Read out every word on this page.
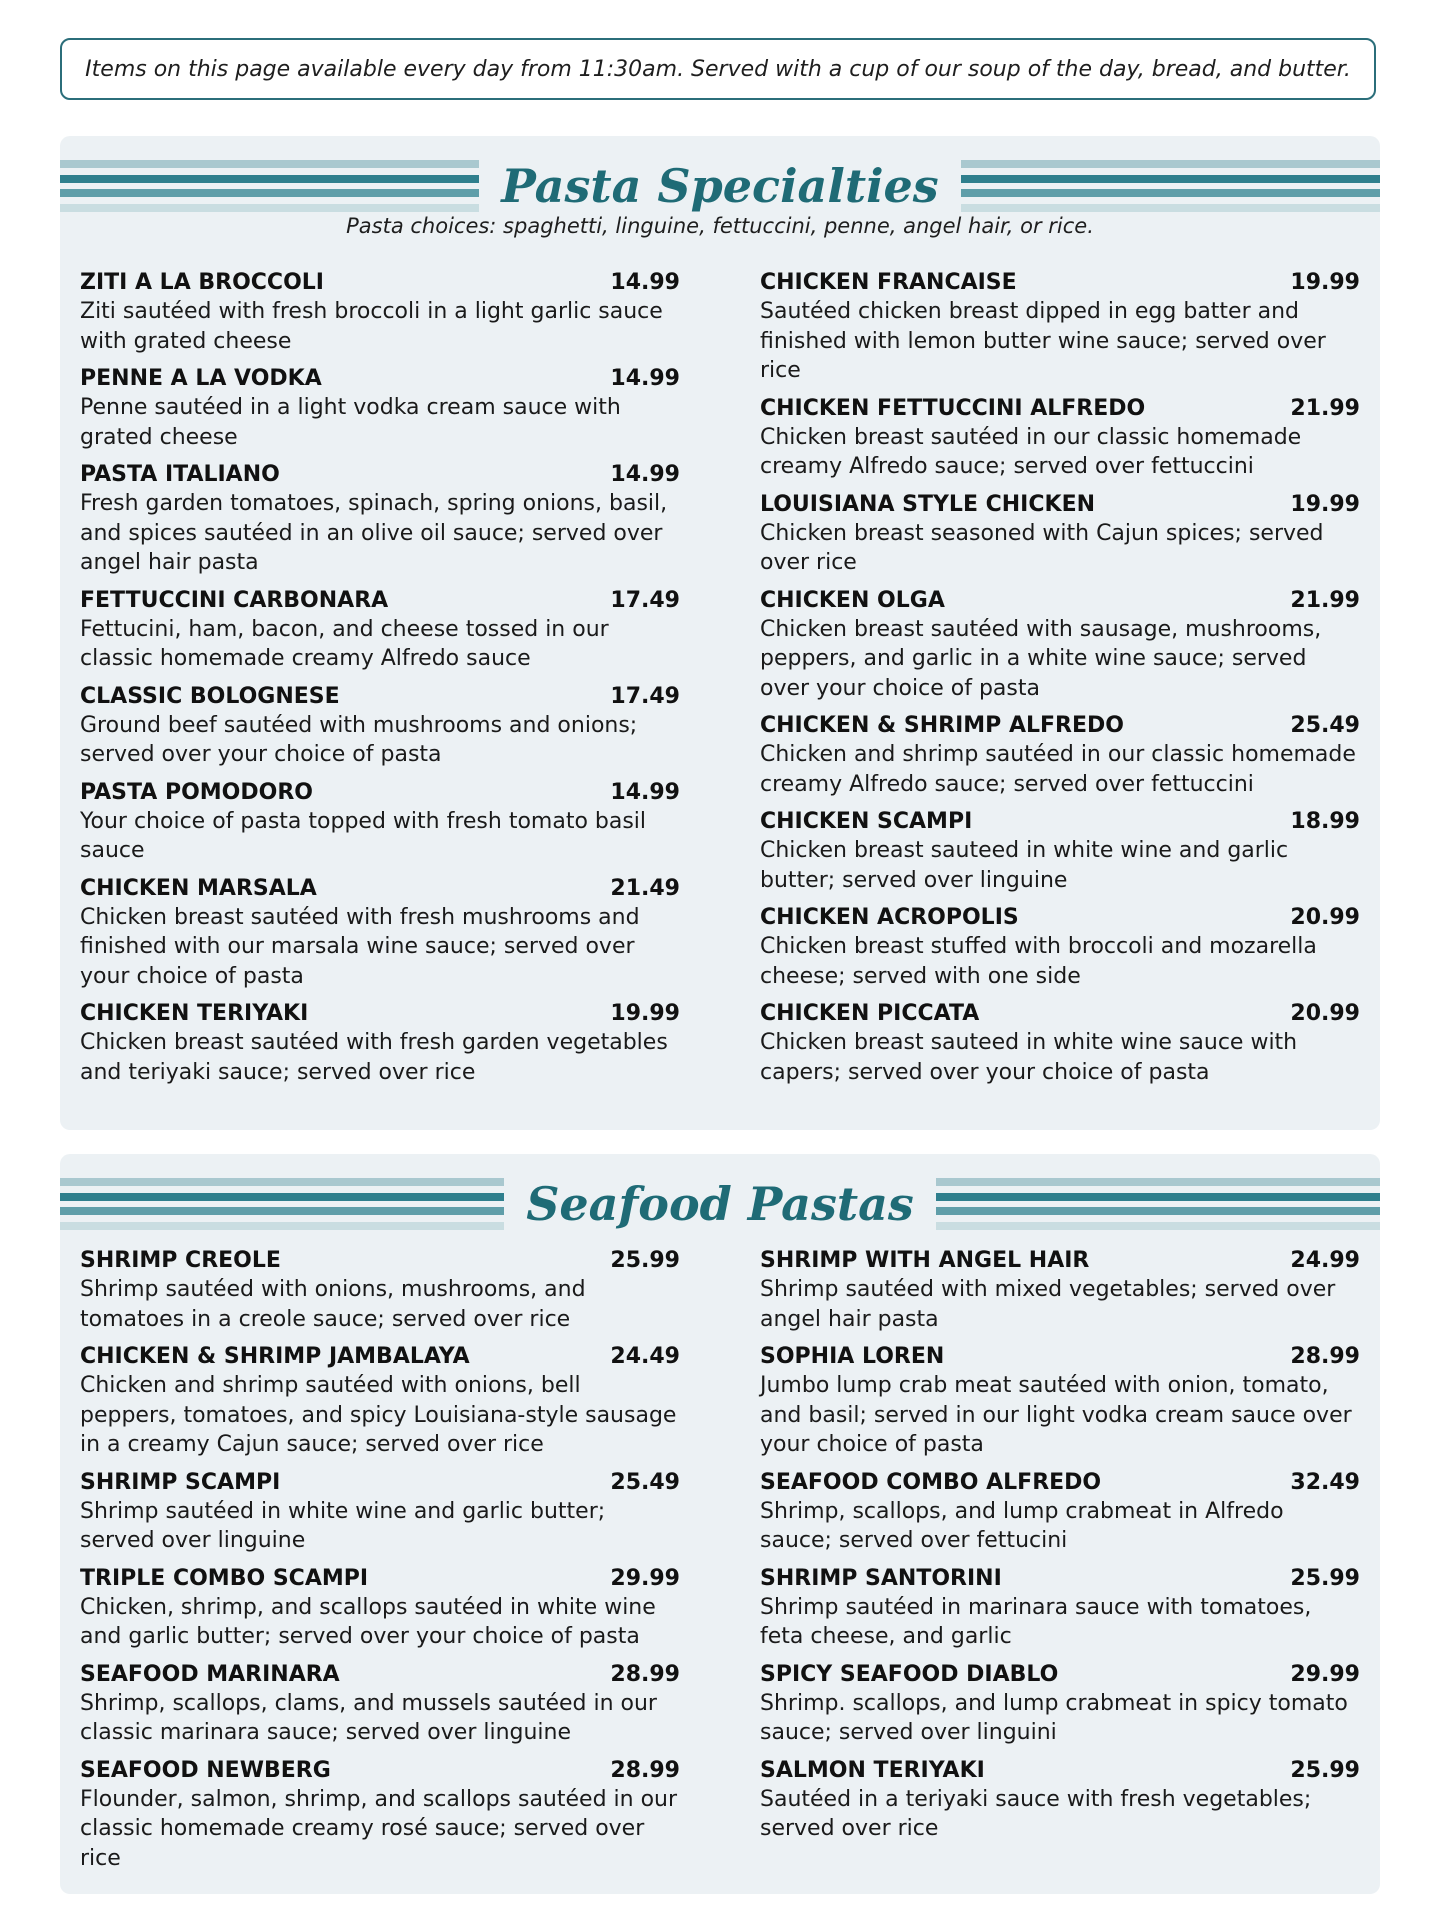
Items on this page available every day from 11:30am. Served with a cup of our soup of the day, bread, and butter.
Pasta Specialties
Pasta choices: spaghetti, linguine, fettuccini, penne, angel hair, or rice.
ZITI A LA BROCCOLI	14.99
Ziti sautéed with fresh broccoli in a light garlic sauce with grated cheese
PENNE A LA VODKA	14.99
Penne sautéed in a light vodka cream sauce with grated cheese
PASTA ITALIANO	14.99
Fresh garden tomatoes, spinach, spring onions, basil, and spices sautéed in an olive oil sauce; served over angel hair pasta
FETTUCCINI CARBONARA	17.49
Fettucini, ham, bacon, and cheese tossed in our classic homemade creamy Alfredo sauce
CLASSIC BOLOGNESE	17.49
Ground beef sautéed with mushrooms and onions; served over your choice of pasta
PASTA POMODORO	14.99
Your choice of pasta topped with fresh tomato basil sauce
CHICKEN MARSALA	21.49
Chicken breast sautéed with fresh mushrooms and finished with our marsala wine sauce; served over your choice of pasta
CHICKEN TERIYAKI	19.99
Chicken breast sautéed with fresh garden vegetables and teriyaki sauce; served over rice
CHICKEN FRANCAISE	19.99
Sautéed chicken breast dipped in egg batter and finished with lemon butter wine sauce; served over rice
CHICKEN FETTUCCINI ALFREDO	21.99
Chicken breast sautéed in our classic homemade creamy Alfredo sauce; served over fettuccini
LOUISIANA STYLE CHICKEN	19.99
Chicken breast seasoned with Cajun spices; served over rice
CHICKEN OLGA	21.99
Chicken breast sautéed with sausage, mushrooms, peppers, and garlic in a white wine sauce; served over your choice of pasta
CHICKEN & SHRIMP ALFREDO	25.49
Chicken and shrimp sautéed in our classic homemade creamy Alfredo sauce; served over fettuccini
CHICKEN SCAMPI	18.99
Chicken breast sauteed in white wine and garlic butter; served over linguine
CHICKEN ACROPOLIS	20.99
Chicken breast stuffed with broccoli and mozarella cheese; served with one side
CHICKEN PICCATA	20.99
Chicken breast sauteed in white wine sauce with capers; served over your choice of pasta
Seafood Pastas
SHRIMP CREOLE	25.99
Shrimp sautéed with onions, mushrooms, and tomatoes in a creole sauce; served over rice
CHICKEN & SHRIMP JAMBALAYA	24.49
Chicken and shrimp sautéed with onions, bell peppers, tomatoes, and spicy Louisiana-style sausage in a creamy Cajun sauce; served over rice
SHRIMP SCAMPI	25.49
Shrimp sautéed in white wine and garlic butter; served over linguine
TRIPLE COMBO SCAMPI	29.99
Chicken, shrimp, and scallops sautéed in white wine and garlic butter; served over your choice of pasta
SEAFOOD MARINARA	28.99
Shrimp, scallops, clams, and mussels sautéed in our classic marinara sauce; served over linguine
SEAFOOD NEWBERG	28.99
Flounder, salmon, shrimp, and scallops sautéed in our classic homemade creamy rosé sauce; served over rice
SHRIMP WITH ANGEL HAIR	24.99
Shrimp sautéed with mixed vegetables; served over angel hair pasta
SOPHIA LOREN	28.99
Jumbo lump crab meat sautéed with onion, tomato, and basil; served in our light vodka cream sauce over your choice of pasta
SEAFOOD COMBO ALFREDO	32.49
Shrimp, scallops, and lump crabmeat in Alfredo sauce; served over fettucini
SHRIMP SANTORINI	25.99
Shrimp sautéed in marinara sauce with tomatoes, feta cheese, and garlic
SPICY SEAFOOD DIABLO	29.99
Shrimp. scallops, and lump crabmeat in spicy tomato sauce; served over linguini
SALMON TERIYAKI	25.99
Sautéed in a teriyaki sauce with fresh vegetables; served over rice
